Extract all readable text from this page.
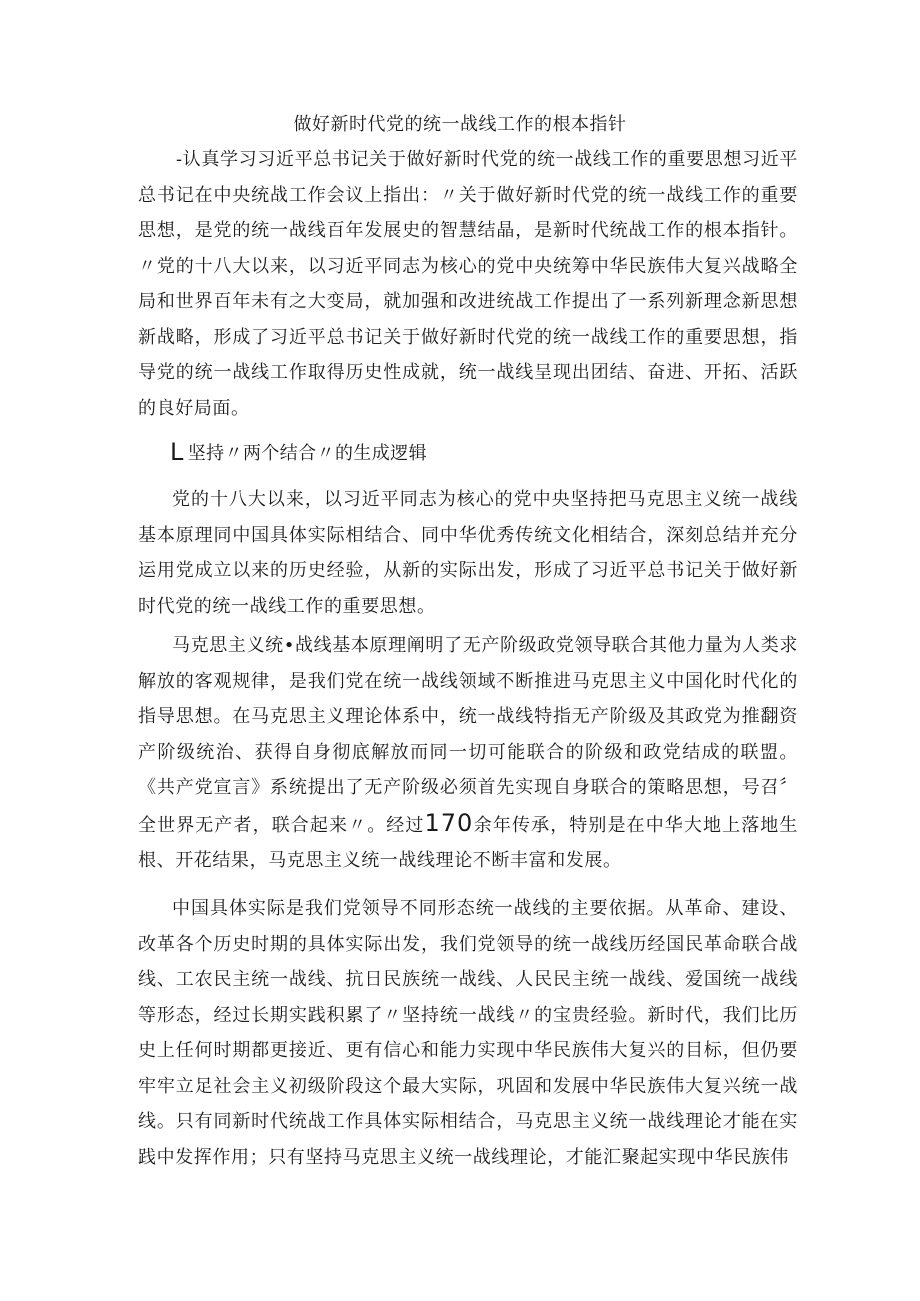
做好新时代党的统一战线工作的根本指针
-认真学习习近平总书记关于做好新时代党的统一战线工作的重要思想习近平总书记在中央统战工作会议上指出：〃关于做好新时代党的统一战线工作的重要思想，是党的统一战线百年发展史的智慧结晶，是新时代统战工作的根本指针。〃党的十八大以来，以习近平同志为核心的党中央统筹中华民族伟大复兴战略全局和世界百年未有之大变局，就加强和改进统战工作提出了一系列新理念新思想新战略，形成了习近平总书记关于做好新时代党的统一战线工作的重要思想，指导党的统一战线工作取得历史性成就，统一战线呈现出团结、奋进、开拓、活跃的良好局面。
L 坚持〃两个结合〃的生成逻辑
党的十八大以来，以习近平同志为核心的党中央坚持把马克思主义统一战线基本原理同中国具体实际相结合、同中华优秀传统文化相结合，深刻总结并充分运用党成立以来的历史经验，从新的实际出发，形成了习近平总书记关于做好新时代党的统一战线工作的重要思想。
马克思主义统•战线基本原理阐明了无产阶级政党领导联合其他力量为人类求解放的客观规律，是我们党在统一战线领域不断推进马克思主义中国化时代化的指导思想。在马克思主义理论体系中，统一战线特指无产阶级及其政党为推翻资产阶级统治、获得自身彻底解放而同一切可能联合的阶级和政党结成的联盟。《共产党宣言》系统提出了无产阶级必须首先实现自身联合的策略思想，号召〞全世界无产者，联合起来〃。经过170余年传承，特别是在中华大地上落地生根、开花结果，马克思主义统一战线理论不断丰富和发展。
中国具体实际是我们党领导不同形态统一战线的主要依据。从革命、建设、改革各个历史时期的具体实际出发，我们党领导的统一战线历经国民革命联合战线、工农民主统一战线、抗日民族统一战线、人民民主统一战线、爱国统一战线等形态，经过长期实践积累了〃坚持统一战线〃的宝贵经验。新时代，我们比历史上任何时期都更接近、更有信心和能力实现中华民族伟大复兴的目标，但仍要牢牢立足社会主义初级阶段这个最大实际，巩固和发展中华民族伟大复兴统一战线。只有同新时代统战工作具体实际相结合，马克思主义统一战线理论才能在实践中发挥作用；只有坚持马克思主义统一战线理论，才能汇聚起实现中华民族伟
